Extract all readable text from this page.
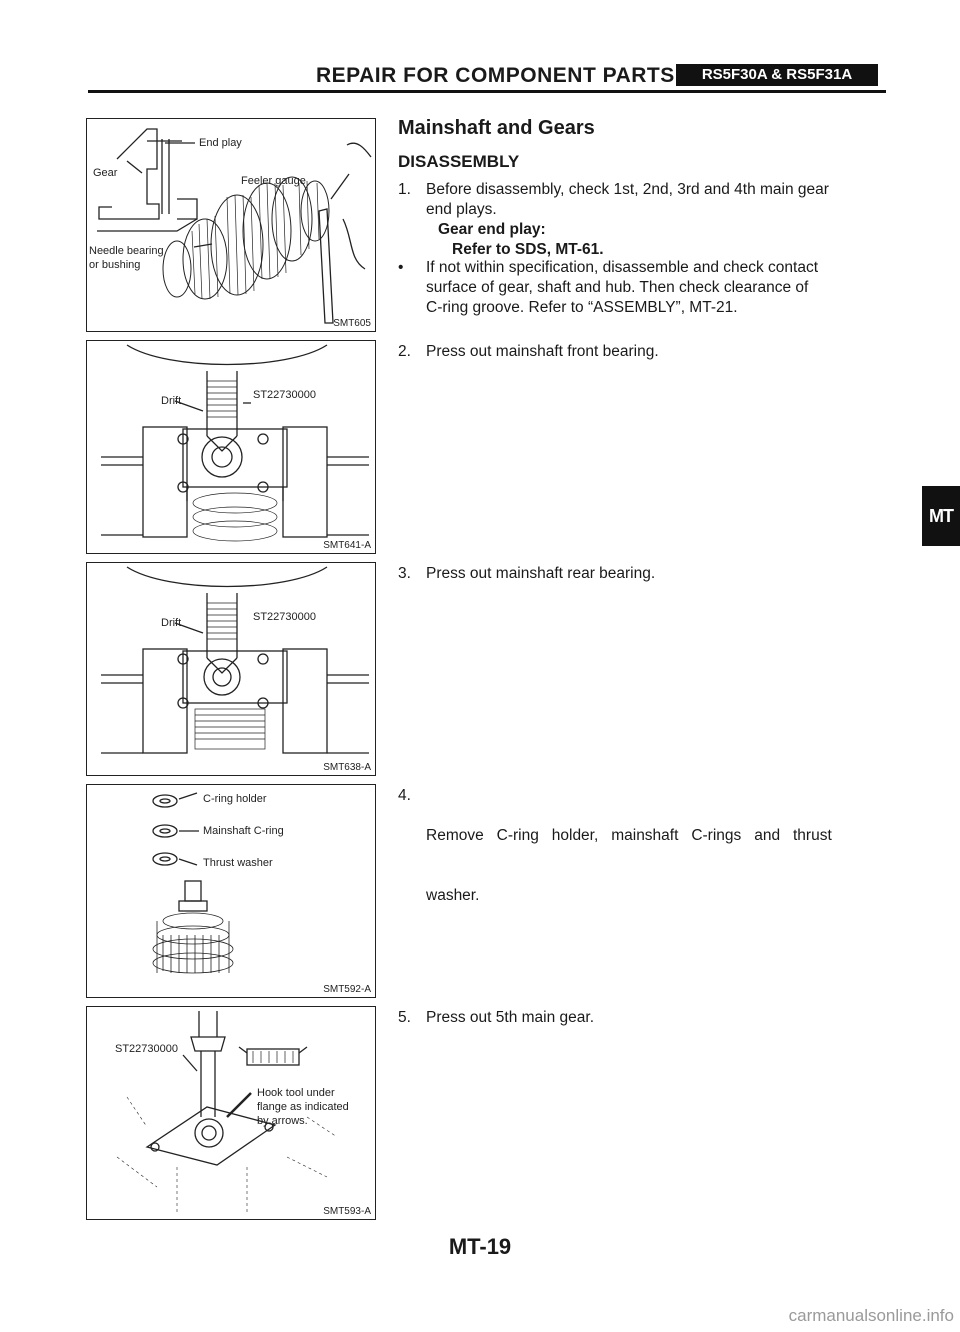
REPAIR FOR COMPONENT PARTS	RS5F30A & RS5F31A
End play
Gear
Feeler gauge
Needle bearing
or bushing
SMT605
Drift	ST22730000
SMT641-A
Drift	ST22730000
SMT638-A
C-ring holder
Mainshaft C-ring
Thrust washer
SMT592-A
ST22730000
Hook tool under
flange as indicated
by arrows.
SMT593-A
Mainshaft and Gears
DISASSEMBLY
1. Before disassembly, check 1st, 2nd, 3rd and 4th main gear
end plays.
Gear end play:
Refer to SDS, MT-61.
•	If not within specification, disassemble and check contact
surface of gear, shaft and hub. Then check clearance of
C-ring groove. Refer to “ASSEMBLY”, MT-21.
2. Press out mainshaft front bearing.
3. Press out mainshaft rear bearing.
4.

Remove   C-ring   holder,   mainshaft   C-rings   and   thrust

washer.

5. Press out 5th main gear.
MT
MT-19
carmanualsonline.info
